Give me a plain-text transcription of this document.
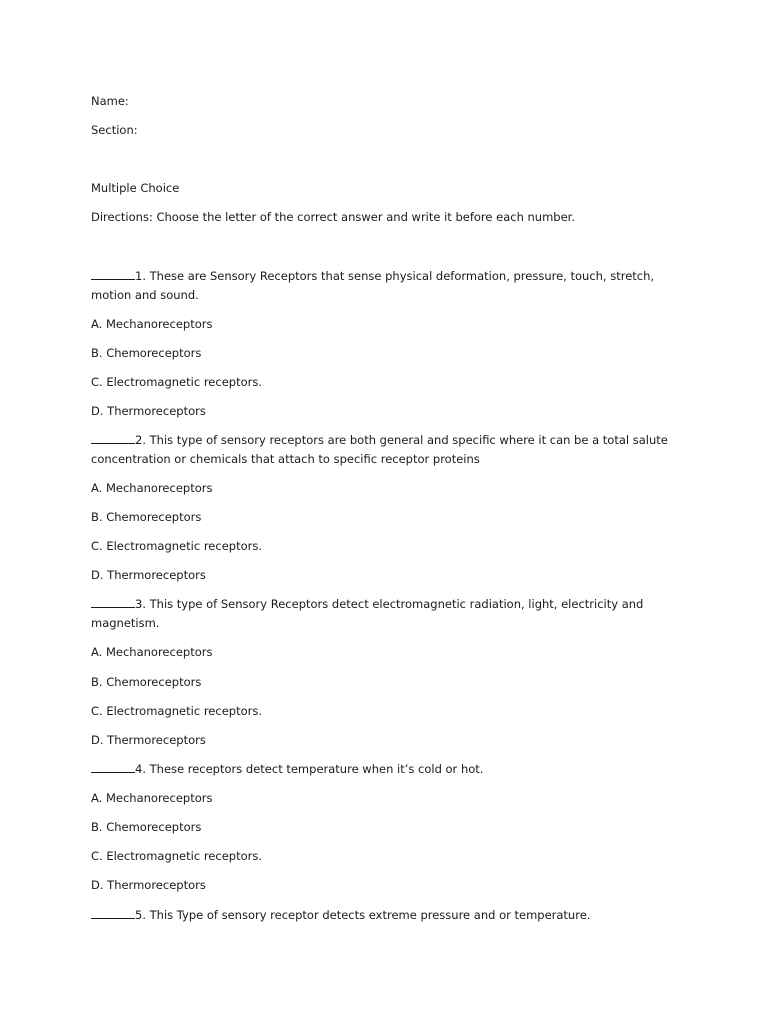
Name:
Section:
Multiple Choice
Directions: Choose the letter of the correct answer and write it before each number.
1. These are Sensory Receptors that sense physical deformation, pressure, touch, stretch,
motion and sound.
A. Mechanoreceptors
B. Chemoreceptors
C. Electromagnetic receptors.
D. Thermoreceptors
2. This type of sensory receptors are both general and specific where it can be a total salute
concentration or chemicals that attach to specific receptor proteins
A. Mechanoreceptors
B. Chemoreceptors
C. Electromagnetic receptors.
D. Thermoreceptors
3. This type of Sensory Receptors detect electromagnetic radiation, light, electricity and
magnetism.
A. Mechanoreceptors
B. Chemoreceptors
C. Electromagnetic receptors.
D. Thermoreceptors
4. These receptors detect temperature when it’s cold or hot.
A. Mechanoreceptors
B. Chemoreceptors
C. Electromagnetic receptors.
D. Thermoreceptors
5. This Type of sensory receptor detects extreme pressure and or temperature.
